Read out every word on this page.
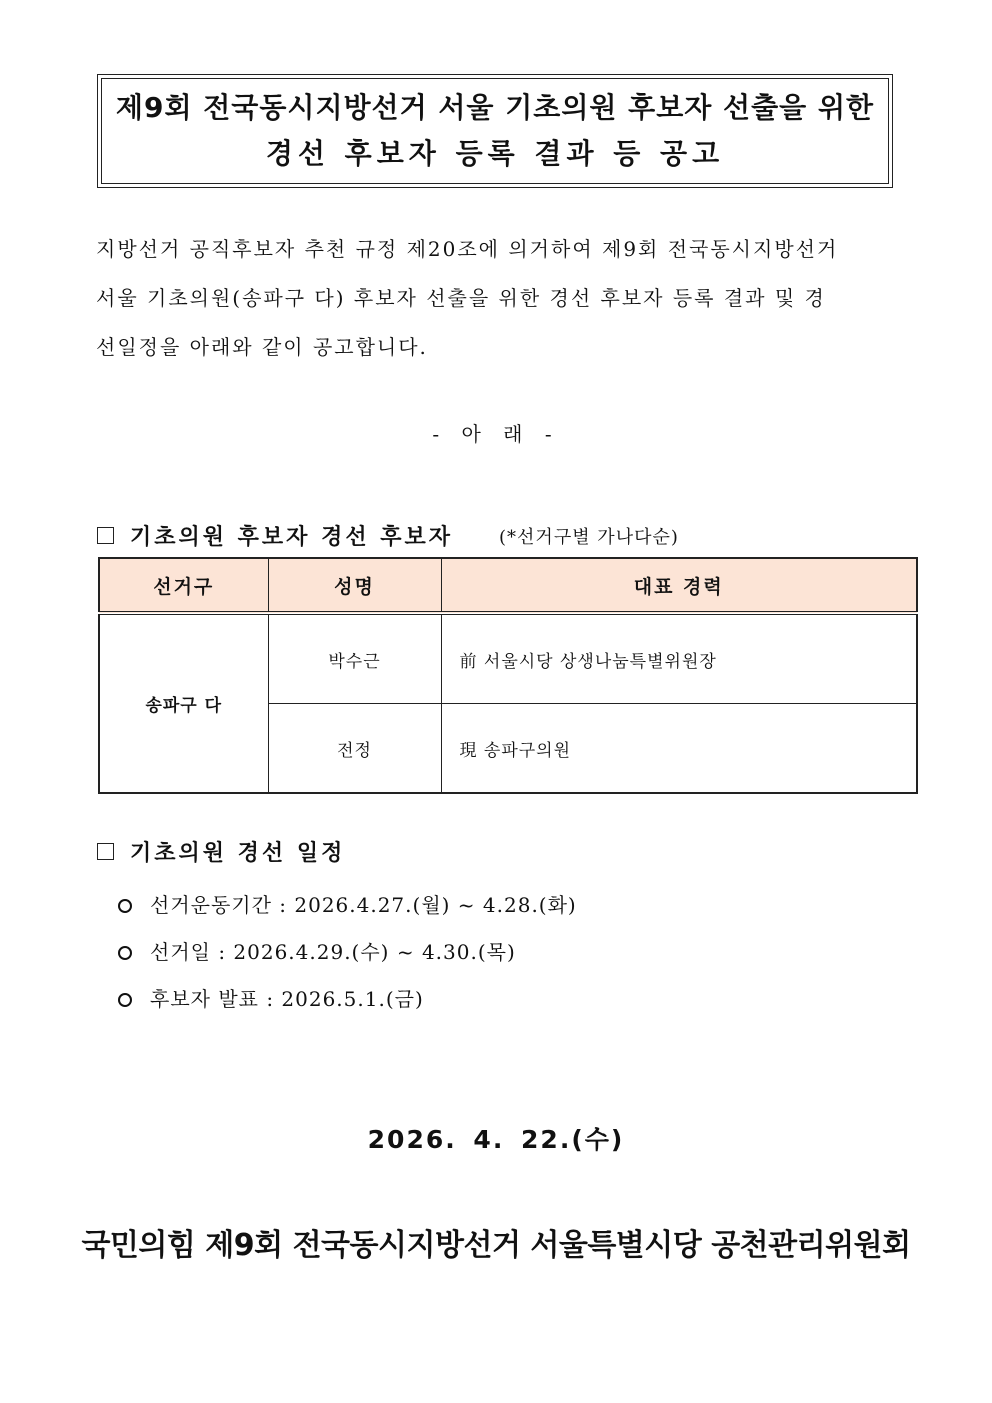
제9회 전국동시지방선거 서울 기초의원 후보자 선출을 위한
경선 후보자 등록 결과 등 공고
지방선거 공직후보자 추천 규정 제20조에 의거하여 제9회 전국동시지방선거
서울 기초의원(송파구 다) 후보자 선출을 위한 경선 후보자 등록 결과 및 경
선일정을 아래와 같이 공고합니다.
- 아 래 -
기초의원 후보자 경선 후보자	(*선거구별 가나다순)
선거구	성명	대표 경력
송파구 다	박수근	前 서울시당 상생나눔특별위원장
	전정	現 송파구의원
기초의원 경선 일정
선거운동기간 : 2026.4.27.(월) ~ 4.28.(화)
선거일 : 2026.4.29.(수) ~ 4.30.(목)
후보자 발표 : 2026.5.1.(금)
2026. 4. 22.(수)
국민의힘 제9회 전국동시지방선거 서울특별시당 공천관리위원회
